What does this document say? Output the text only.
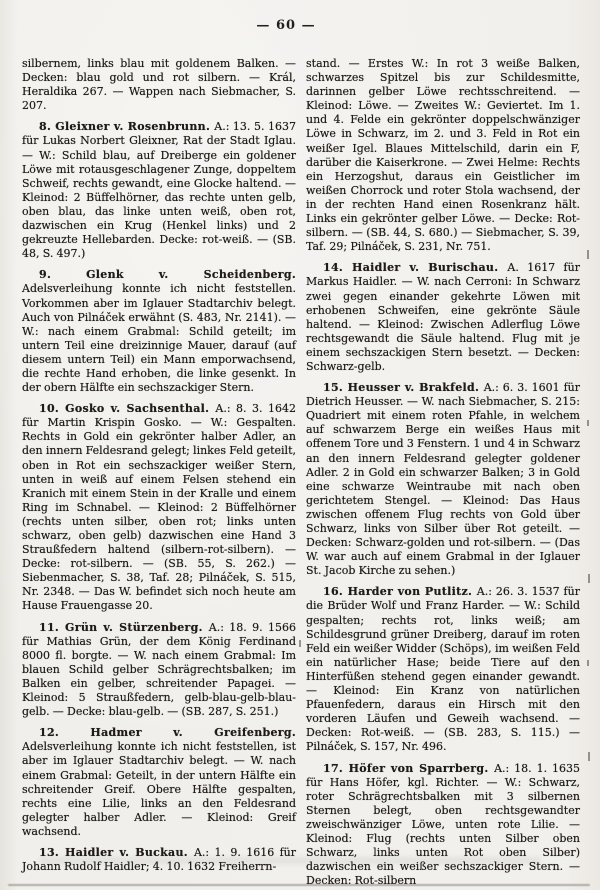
— 60 —

silbernem, links blau mit goldenem Balken. — Decken: blau gold und rot silbern. — Král, Heraldika 267. — Wappen nach Siebmacher, S. 207.

8. Gleixner v. Rosenbrunn. A.: 13. 5. 1637 für Lukas Norbert Gleixner, Rat der Stadt Iglau. — W.: Schild blau, auf Dreiberge ein goldener Löwe mit rotausgeschlagener Zunge, doppeltem Schweif, rechts gewandt, eine Glocke haltend. — Kleinod: 2 Büffelhörner, das rechte unten gelb, oben blau, das linke unten weiß, oben rot, dazwischen ein Krug (Henkel links) und 2 gekreuzte Hellebarden. Decke: rot-weiß. — (SB. 48, S. 497.)

9. Glenk v. Scheidenberg.Adelsverleihung konnte ich nicht feststellen. Vorkommen aber im Iglauer Stadtarchiv belegt. Auch von Pilnáček erwähnt (S. 483, Nr. 2141). — W.: nach einem Grabmal: Schild geteilt; im untern Teil eine dreizinnige Mauer, darauf (auf diesem untern Teil) ein Mann emporwachsend, die rechte Hand erhoben, die linke gesenkt. In der obern Hälfte ein sechszackiger Stern.

10. Gosko v. Sachsenthal. A.: 8. 3. 1642 für Martin Krispin Gosko. — W.: Gespalten. Rechts in Gold ein gekrönter halber Adler, an den innern Feldesrand gelegt; linkes Feld geteilt, oben in Rot ein sechszackiger weißer Stern, unten in weiß auf einem Felsen stehend ein Kranich mit einem Stein in der Kralle und einem Ring im Schnabel. — Kleinod: 2 Büffelhörner (rechts unten silber, oben rot; links unten schwarz, oben gelb) dazwischen eine Hand 3 Straußfedern haltend (silbern-rot-silbern). — Decke: rot-silbern. — (SB. 55, S. 262.) — Siebenmacher, S. 38, Taf. 28; Pilnáček, S. 515, Nr. 2348. — Das W. befindet sich noch heute am Hause Frauengasse 20.

11. Grün v. Stürzenberg. A.: 18. 9. 1566 für Mathias Grün, der dem König Ferdinand 8000 fl. borgte. — W. nach einem Grabmal: Im blauen Schild gelber Schrägrechtsbalken; im Balken ein gelber, schreitender Papagei. — Kleinod: 5 Straußfedern, gelb-blau-gelb-blau-gelb. — Decke: blau-gelb. — (SB. 287, S. 251.)

12. Hadmer v. Greifenberg.Adelsverleihung konnte ich nicht feststellen, ist aber im Iglauer Stadtarchiv belegt. — W. nach einem Grabmal: Geteilt, in der untern Hälfte ein schreitender Greif. Obere Hälfte gespalten, rechts eine Lilie, links an den Feldesrand gelegter halber Adler. — Kleinod: Greif wachsend.

13. Haidler v. Buckau. A.: 1. 9. 1616 für Johann Rudolf Haidler; 4. 10. 1632 Freiherrn-

stand. — Erstes W.: In rot 3 weiße Balken, schwarzes Spitzel bis zur Schildesmitte, darinnen gelber Löwe rechtsschreitend. — Kleinod: Löwe. — Zweites W.: Geviertet. Im 1. und 4. Felde ein gekrönter doppelschwänziger Löwe in Schwarz, im 2. und 3. Feld in Rot ein weißer Igel. Blaues Mittelschild, darin ein F, darüber die Kaiserkrone. — Zwei Helme: Rechts ein Herzogshut, daraus ein Geistlicher im weißen Chorrock und roter Stola wachsend, der in der rechten Hand einen Rosenkranz hält. Links ein gekrönter gelber Löwe. — Decke: Rot-silbern. — (SB. 44, S. 680.) — Siebmacher, S. 39, Taf. 29; Pilnáček, S. 231, Nr. 751.

14. Haidler v. Burischau. A. 1617 für Markus Haidler. — W. nach Cerroni: In Schwarz zwei gegen einander gekehrte Löwen mit erhobenen Schweifen, eine gekrönte Säule haltend. — Kleinod: Zwischen Adlerflug Löwe rechtsgewandt die Säule haltend. Flug mit je einem sechszackigen Stern besetzt. — Decken: Schwarz-gelb.

15. Heusser v. Brakfeld. A.: 6. 3. 1601 für Dietrich Heusser. — W. nach Siebmacher, S. 215: Quadriert mit einem roten Pfahle, in welchem auf schwarzem Berge ein weißes Haus mit offenem Tore und 3 Fenstern. 1 und 4 in Schwarz an den innern Feldesrand gelegter goldener Adler. 2 in Gold ein schwarzer Balken; 3 in Gold eine schwarze Weintraube mit nach oben gerichtetem Stengel. — Kleinod: Das Haus zwischen offenem Flug rechts von Gold über Schwarz, links von Silber über Rot geteilt. — Decken: Schwarz-golden und rot-silbern. — (Das W. war auch auf einem Grabmal in der Iglauer St. Jacob Kirche zu sehen.)

16. Harder von Putlitz. A.: 26. 3. 1537 für die Brüder Wolf und Franz Harder. — W.: Schild gespalten; rechts rot, links weiß; am Schildesgrund grüner Dreiberg, darauf im roten Feld ein weißer Widder (Schöps), im weißen Feld ein natürlicher Hase; beide Tiere auf den Hinterfüßen stehend gegen einander gewandt. — Kleinod: Ein Kranz von natürlichen Pfauenfedern, daraus ein Hirsch mit den vorderen Läufen und Geweih wachsend. — Decken: Rot-weiß. — (SB. 283, S. 115.) — Pilnáček, S. 157, Nr. 496.

17. Höfer von Sparrberg. A.: 18. 1. 1635 für Hans Höfer, kgl. Richter. — W.: Schwarz, roter Schrägrechtsbalken mit 3 silbernen Sternen belegt, oben rechtsgewandter zweischwänziger Löwe, unten rote Lilie. — Kleinod: Flug (rechts unten Silber oben Schwarz, links unten Rot oben Silber) dazwischen ein weißer sechszackiger Stern. — Decken: Rot-silbern
